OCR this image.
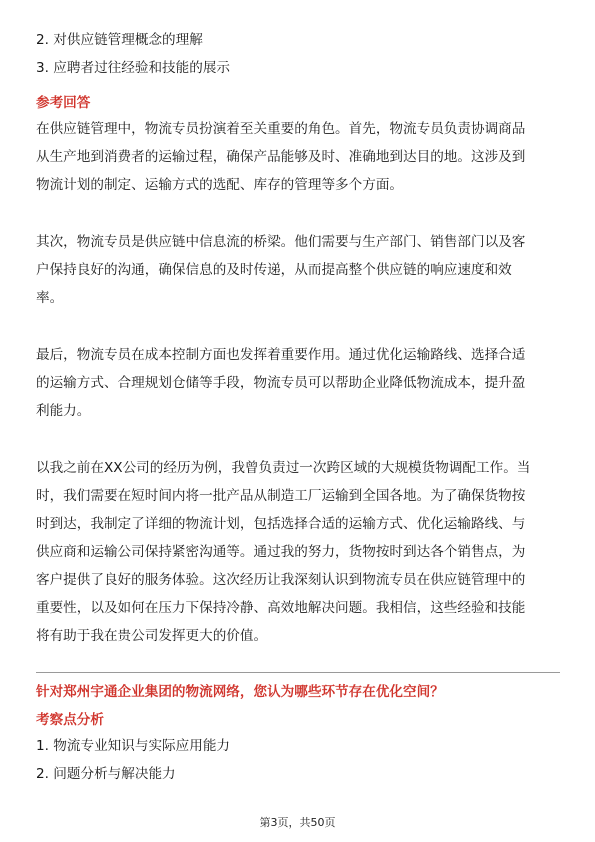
2. 对供应链管理概念的理解
3. 应聘者过往经验和技能的展示
参考回答
在供应链管理中，物流专员扮演着至关重要的角色。首先，物流专员负责协调商品
从生产地到消费者的运输过程，确保产品能够及时、准确地到达目的地。这涉及到
物流计划的制定、运输方式的选配、库存的管理等多个方面。
其次，物流专员是供应链中信息流的桥梁。他们需要与生产部门、销售部门以及客
户保持良好的沟通，确保信息的及时传递，从而提高整个供应链的响应速度和效
率。
最后，物流专员在成本控制方面也发挥着重要作用。通过优化运输路线、选择合适
的运输方式、合理规划仓储等手段，物流专员可以帮助企业降低物流成本，提升盈
利能力。
以我之前在XX公司的经历为例，我曾负责过一次跨区域的大规模货物调配工作。当
时，我们需要在短时间内将一批产品从制造工厂运输到全国各地。为了确保货物按
时到达，我制定了详细的物流计划，包括选择合适的运输方式、优化运输路线、与
供应商和运输公司保持紧密沟通等。通过我的努力，货物按时到达各个销售点，为
客户提供了良好的服务体验。这次经历让我深刻认识到物流专员在供应链管理中的
重要性，以及如何在压力下保持冷静、高效地解决问题。我相信，这些经验和技能
将有助于我在贵公司发挥更大的价值。
针对郑州宇通企业集团的物流网络，您认为哪些环节存在优化空间？
考察点分析
1. 物流专业知识与实际应用能力
2. 问题分析与解决能力
第3页，共50页
